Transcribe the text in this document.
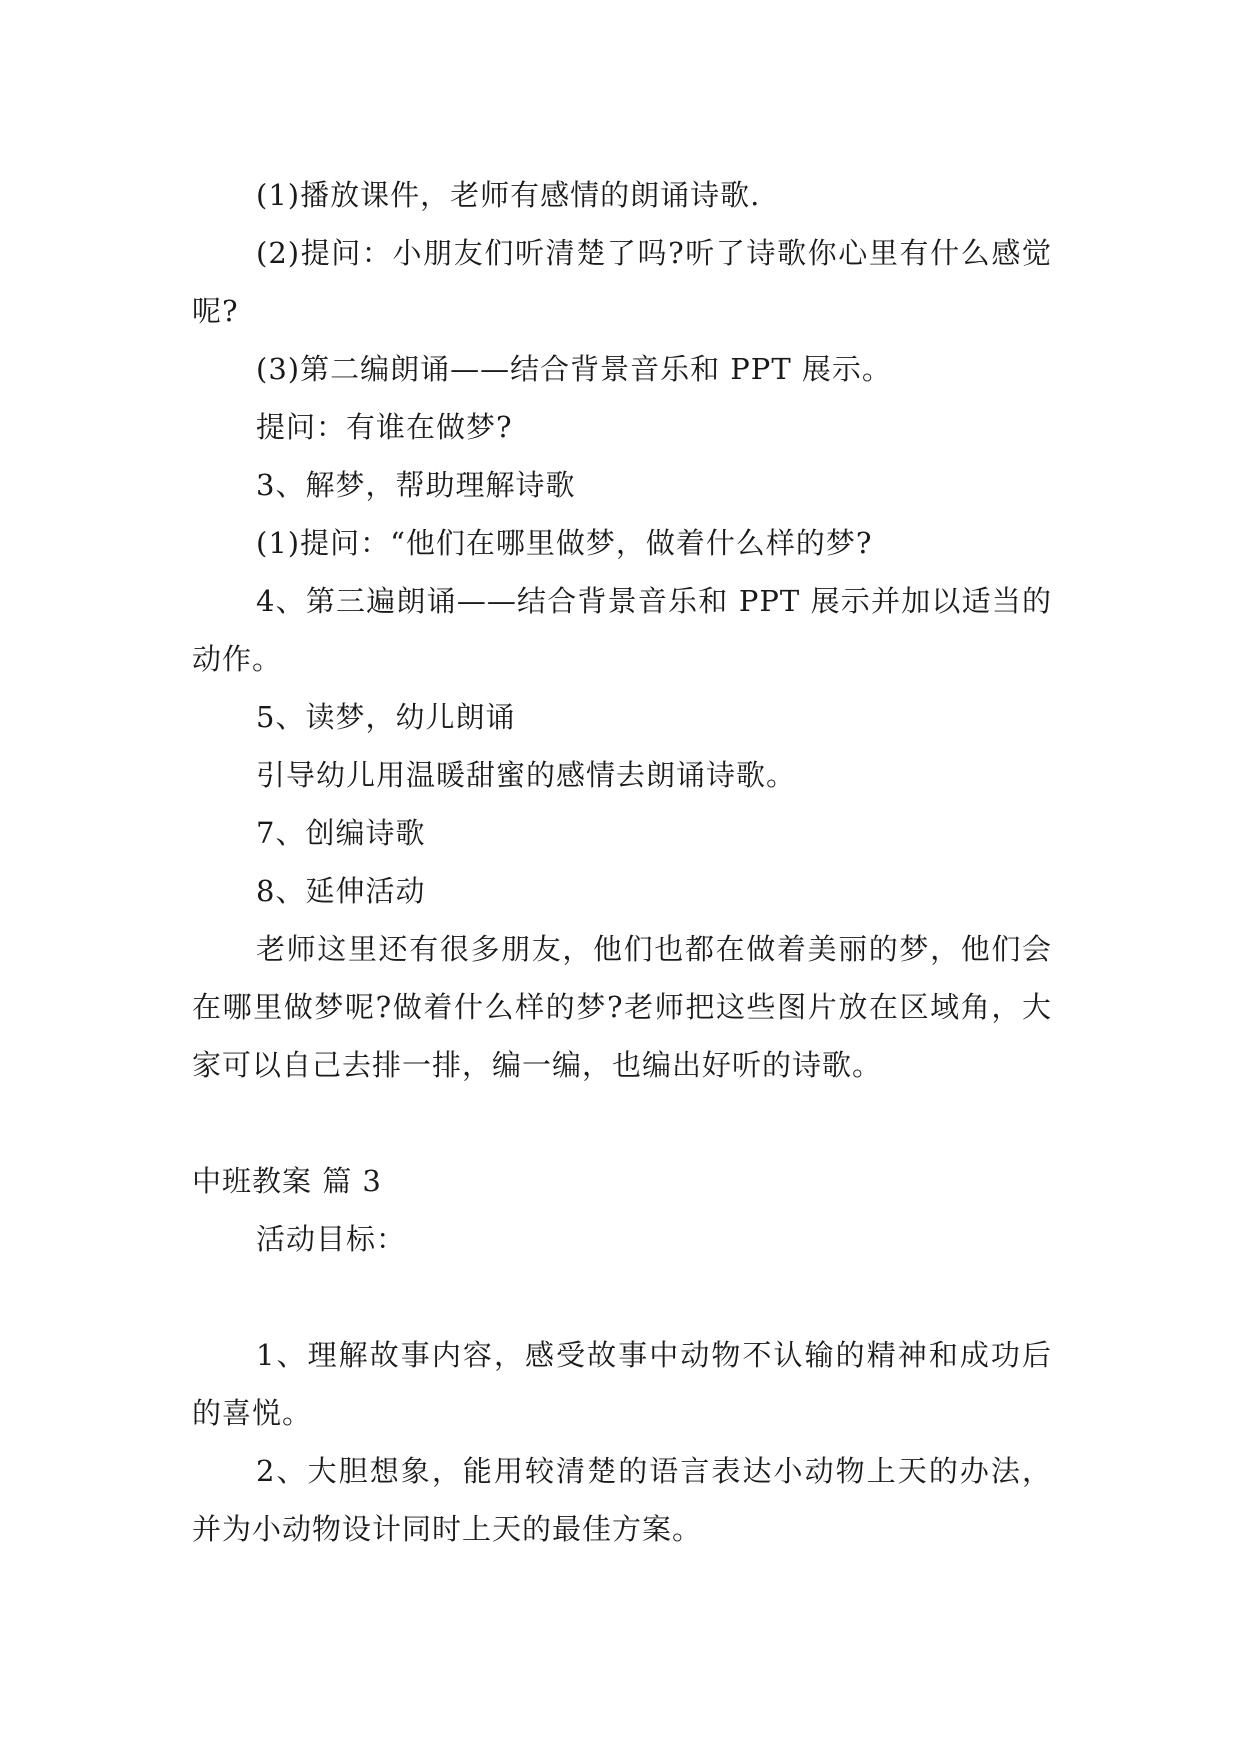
(1)播放课件，老师有感情的朗诵诗歌.

(2)提问：小朋友们听清楚了吗?听了诗歌你心里有什么感觉呢?

(3)第二编朗诵——结合背景音乐和 PPT 展示。

提问：有谁在做梦?

3、解梦，帮助理解诗歌

(1)提问：“他们在哪里做梦，做着什么样的梦?

4、第三遍朗诵——结合背景音乐和 PPT 展示并加以适当的动作。

5、读梦，幼儿朗诵

引导幼儿用温暖甜蜜的感情去朗诵诗歌。

7、创编诗歌

8、延伸活动

老师这里还有很多朋友，他们也都在做着美丽的梦，他们会在哪里做梦呢?做着什么样的梦?老师把这些图片放在区域角，大家可以自己去排一排，编一编，也编出好听的诗歌。

中班教案 篇 3

活动目标：

1、理解故事内容，感受故事中动物不认输的精神和成功后的喜悦。

2、大胆想象，能用较清楚的语言表达小动物上天的办法，并为小动物设计同时上天的最佳方案。
